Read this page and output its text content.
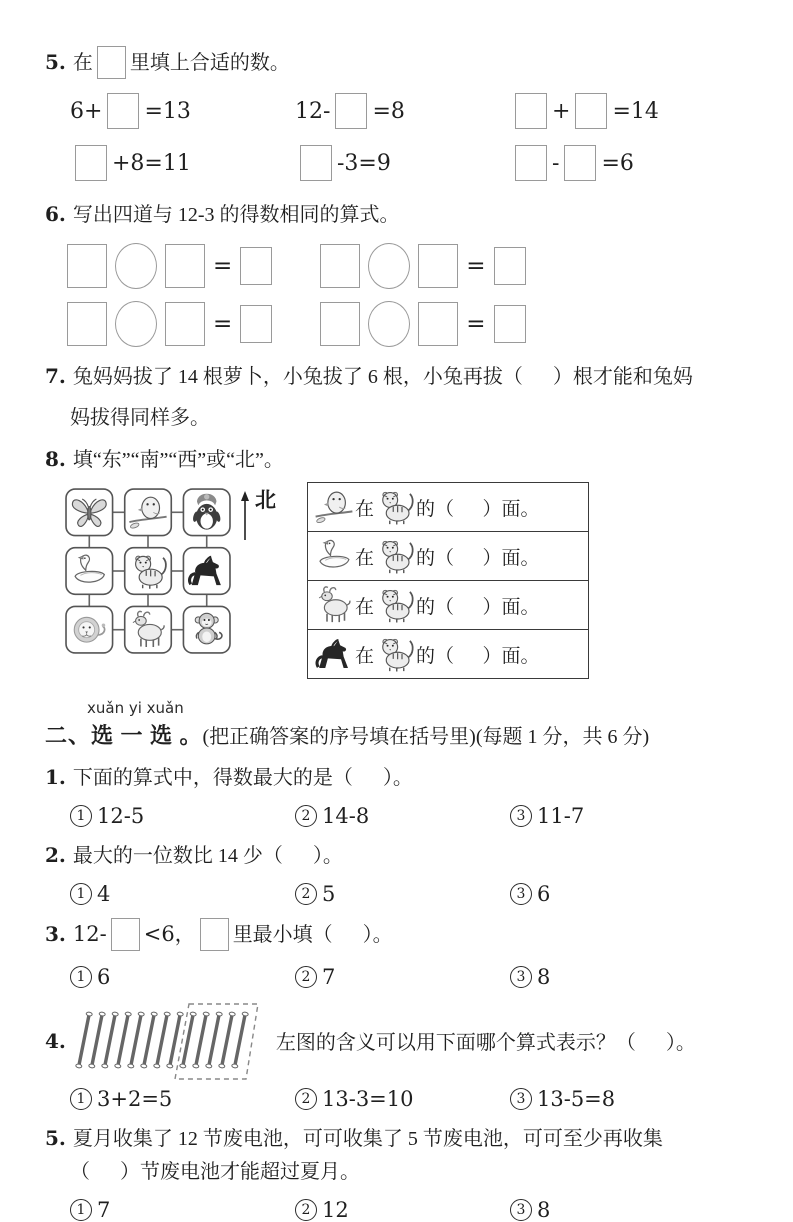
5. 在 里填上合适的数。

6+ =13	12- =8	+ =14
+8=11	-3=9	- =6

6. 写出四道与 12-3 的得数相同的算式。

=	=
=	=

7. 兔妈妈拔了 14 根萝卜，小兔拔了 6 根，小兔再拔（      ）根才能和兔妈

妈拔得同样多。

8. 填“东”“南”“西”或“北”。

北	在 的（      ）面。
在 的（      ）面。
在 的（      ）面。
在 的（      ）面。

xuǎn yi xuǎn

二、选 一 选 。(把正确答案的序号填在括号里)(每题 1 分，共 6 分)

1. 下面的算式中，得数最大的是（      ）。

1 12-5	2 14-8	3 11-7

2. 最大的一位数比 14 少（      ）。

1 4	2 5	3 6

3. 12- <6， 里最小填（      ）。

1 6	2 7	3 8
4.	左图的含义可以用下面哪个算式表示？（      ）。
1 3+2=5	2 13-3=10	3 13-5=8

5. 夏月收集了 12 节废电池，可可收集了 5 节废电池，可可至少再收集

（      ）节废电池才能超过夏月。

1 7	2 12	3 8
